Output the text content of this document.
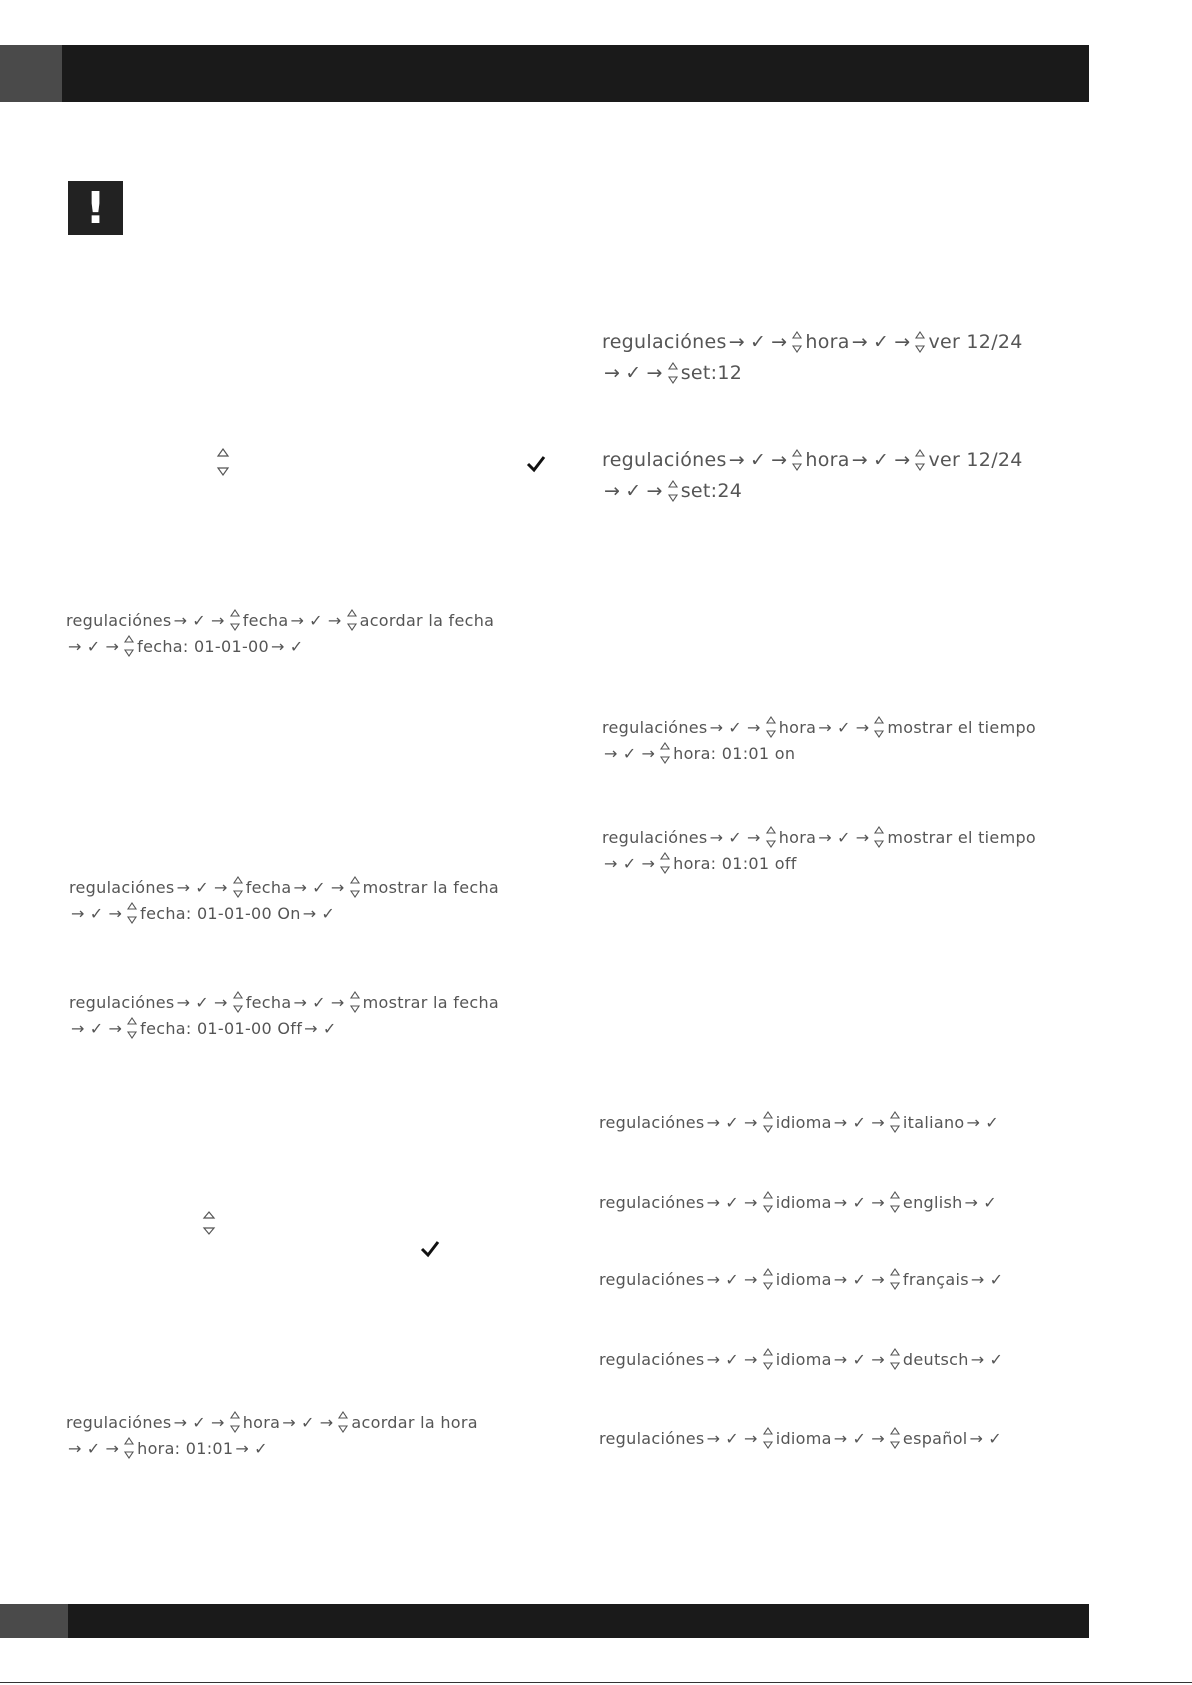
!
regulaciónes → ✓ → fecha → ✓ → acordar la fecha
→ ✓ → fecha: 01-01-00 → ✓
regulaciónes → ✓ → fecha → ✓ → mostrar la fecha
→ ✓ → fecha: 01-01-00 On → ✓
regulaciónes → ✓ → fecha → ✓ → mostrar la fecha
→ ✓ → fecha: 01-01-00 Off → ✓
regulaciónes → ✓ → hora → ✓ → acordar la hora
→ ✓ → hora: 01:01 → ✓
regulaciónes → ✓ → hora → ✓ → ver 12/24
→ ✓ → set:12
regulaciónes → ✓ → hora → ✓ → ver 12/24
→ ✓ → set:24
regulaciónes → ✓ → hora → ✓ → mostrar el tiempo
→ ✓ → hora: 01:01 on
regulaciónes → ✓ → hora → ✓ → mostrar el tiempo
→ ✓ → hora: 01:01 off
regulaciónes → ✓ → idioma → ✓ → italiano → ✓
regulaciónes → ✓ → idioma → ✓ → english → ✓
regulaciónes → ✓ → idioma → ✓ → français → ✓
regulaciónes → ✓ → idioma → ✓ → deutsch → ✓
regulaciónes → ✓ → idioma → ✓ → español → ✓
